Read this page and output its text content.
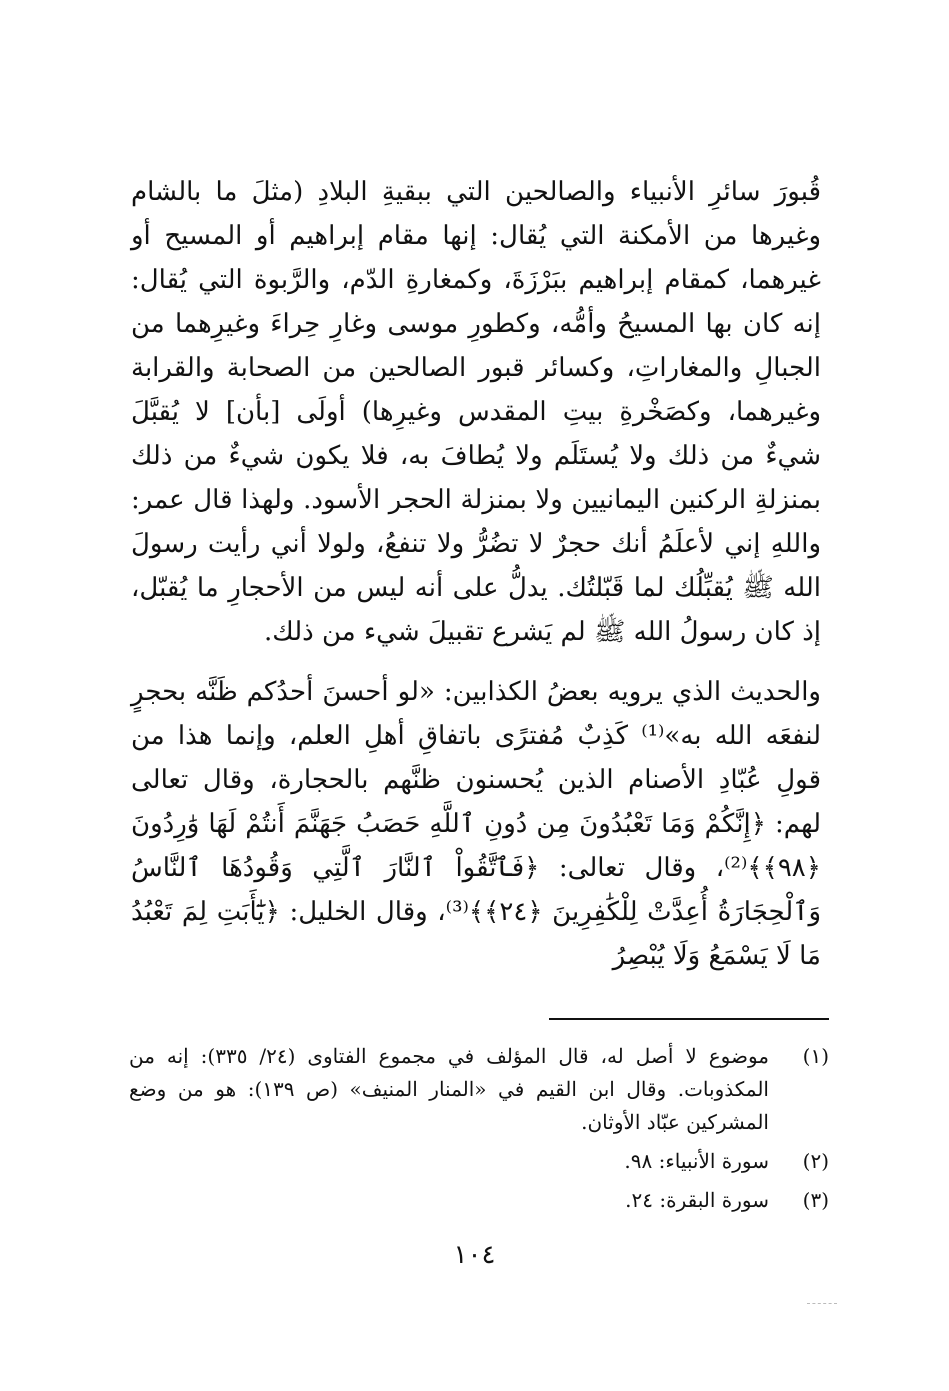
قُبورَ سائرِ الأنبياء والصالحين التي ببقيةِ البلادِ (مثلَ ما بالشام وغيرها من الأمكنة التي يُقال: إنها مقام إبراهيم أو المسيح أو غيرهما، كمقام إبراهيم ببَرْزَةَ، وكمغارةِ الدّم، والرَّبوة التي يُقال: إنه كان بها المسيحُ وأمُّه، وكطورِ موسى وغارِ حِراءَ وغيرِهما من الجبالِ والمغاراتِ، وكسائر قبور الصالحين من الصحابة والقرابة وغيرهما، وكصَخْرةِ بيتِ المقدس وغيرِها) أولَى [بأن] لا يُقبَّلَ شيءٌ من ذلك ولا يُستَلَم ولا يُطافَ به، فلا يكون شيءٌ من ذلك بمنزلةِ الركنين اليمانيين ولا بمنزلة الحجر الأسود. ولهذا قال عمر: واللهِ إني لأعلَمُ أنك حجرٌ لا تضُرُّ ولا تنفعُ، ولولا أني رأيت رسولَ الله ﷺ يُقبِّلُك لما قَبّلتُك. يدلُّ على أنه ليس من الأحجارِ ما يُقبّل، إذ كان رسولُ الله ﷺ لم يَشرع تقبيلَ شيء من ذلك.

والحديث الذي يرويه بعضُ الكذابين: «لو أحسنَ أحدُكم ظَنَّه بحجرٍ لنفعَه الله به»⁽¹⁾ كَذِبٌ مُفترًى باتفاقِ أهلِ العلم، وإنما هذا من قولِ عُبّادِ الأصنام الذين يُحسنون ظنَّهم بالحجارة، وقال تعالى لهم: ﴿إِنَّكُمْ وَمَا تَعْبُدُونَ مِن دُونِ ٱللَّهِ حَصَبُ جَهَنَّمَ أَنتُمْ لَهَا وَٰرِدُونَ ﴿٩٨﴾﴾⁽²⁾، وقال تعالى: ﴿فَٱتَّقُواْ ٱلنَّارَ ٱلَّتِي وَقُودُهَا ٱلنَّاسُ وَٱلْحِجَارَةُ أُعِدَّتْ لِلْكَٰفِرِينَ ﴿٢٤﴾﴾⁽³⁾، وقال الخليل: ﴿يَٰٓأَبَتِ لِمَ تَعْبُدُ مَا لَا يَسْمَعُ وَلَا يُبْصِرُ

(١)
موضوع لا أصل له، قال المؤلف في مجموع الفتاوى (٢٤/ ٣٣٥): إنه من المكذوبات. وقال ابن القيم في «المنار المنيف» (ص ١٣٩): هو من وضع المشركين عبّاد الأوثان.
(٢)
سورة الأنبياء: ٩٨.
(٣)
سورة البقرة: ٢٤.
١٠٤
